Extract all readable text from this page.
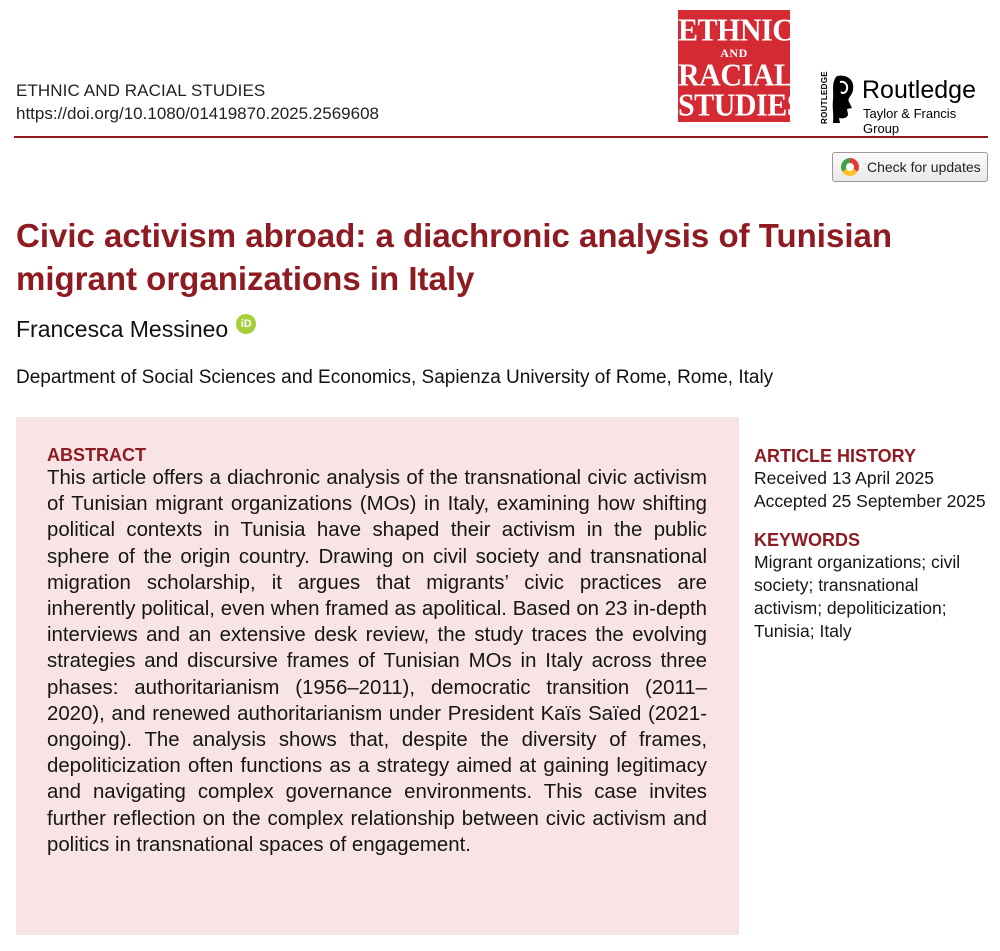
ETHNIC AND RACIAL STUDIES
https://doi.org/10.1080/01419870.2025.2569608
ETHNIC
AND
RACIAL
STUDIES ROUTLEDGE Routledge
Taylor & Francis Group
Check for updates
Civic activism abroad: a diachronic analysis of Tunisian migrant organizations in Italy
Francesca Messineo	iD
Department of Social Sciences and Economics, Sapienza University of Rome, Rome, Italy
ABSTRACT

This article offers a diachronic analysis of the transnational civic activism of Tunisian migrant organizations (MOs) in Italy, examining how shifting political contexts in Tunisia have shaped their activism in the public sphere of the origin country. Drawing on civil society and transnational migration scholarship, it argues that migrants’ civic practices are inherently political, even when framed as apolitical. Based on 23 in-depth interviews and an extensive desk review, the study traces the evolving strategies and discursive frames of Tunisian MOs in Italy across three phases: authoritarianism (1956–2011), democratic transition (2011–2020), and renewed authoritarianism under President Kaïs Saïed (2021-ongoing). The analysis shows that, despite the diversity of frames, depoliticization often functions as a strategy aimed at gaining legitimacy and navigating complex governance environments. This case invites further reflection on the complex relationship between civic activism and politics in transnational spaces of engagement.

ARTICLE HISTORY
Received 13 April 2025
Accepted 25 September 2025
KEYWORDS
Migrant organizations; civil society; transnational activism; depoliticization; Tunisia; Italy
